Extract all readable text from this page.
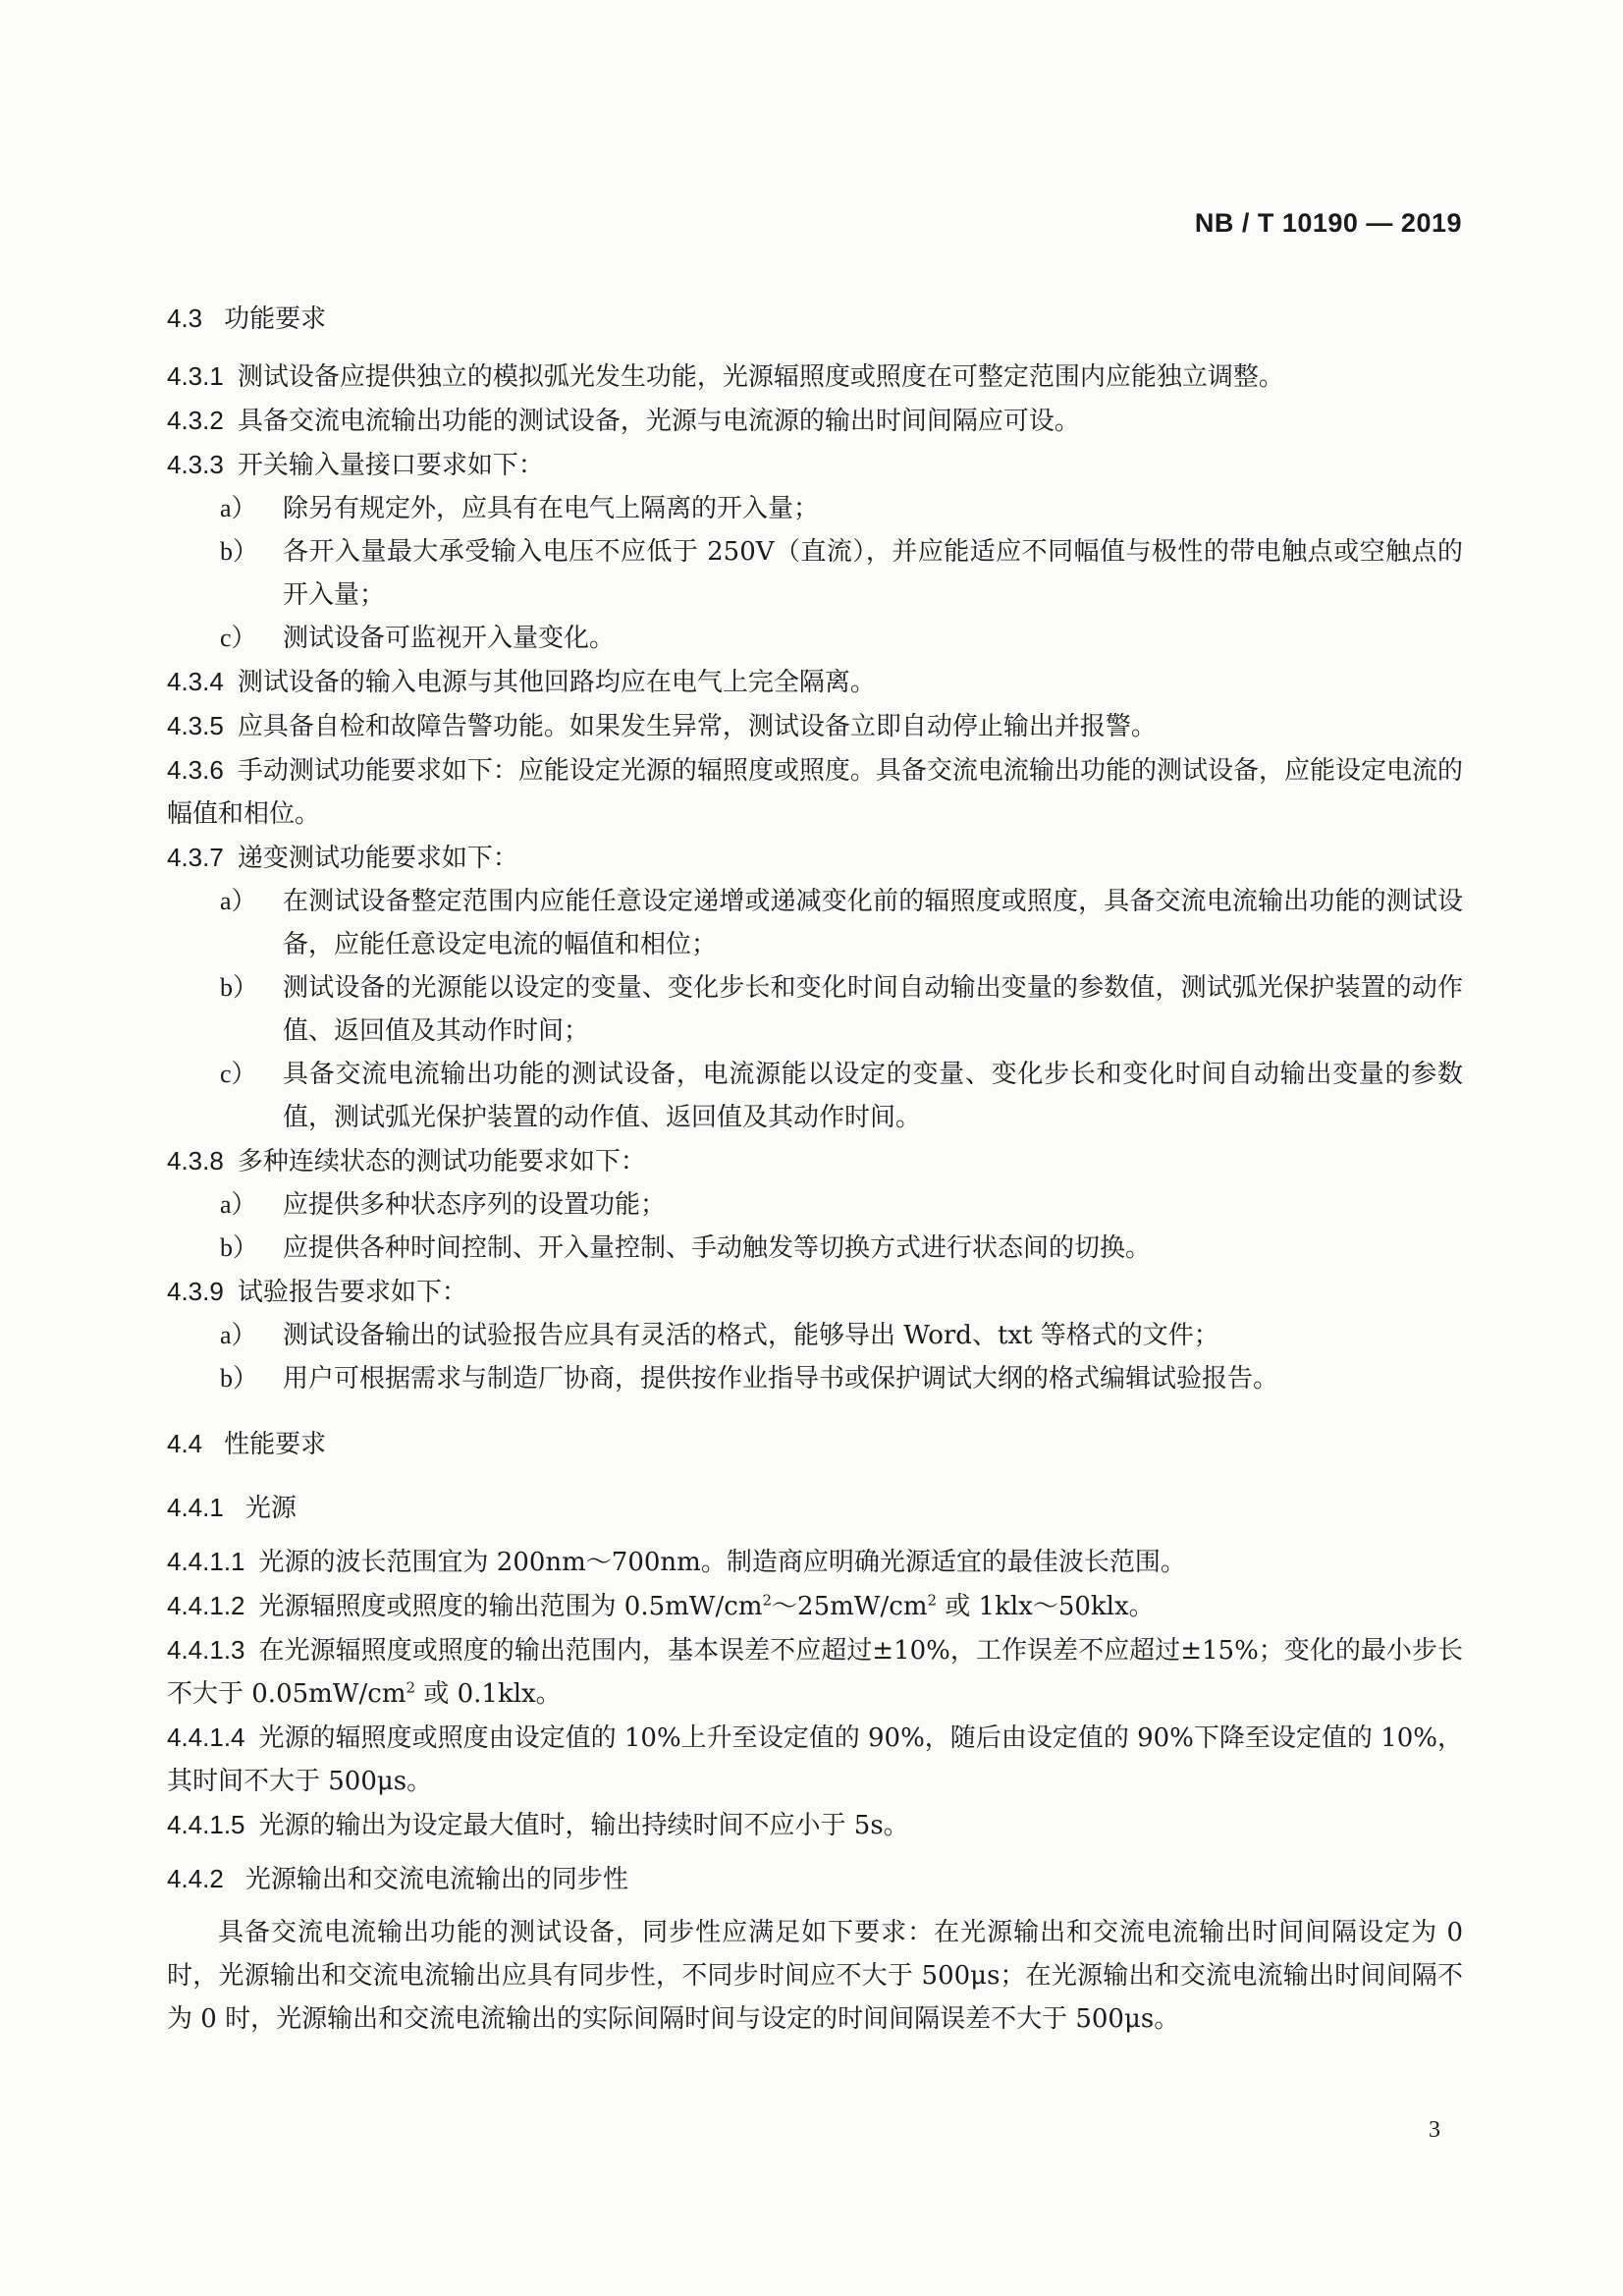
NB / T 10190 — 2019

4.3 功能要求

4.3.1 测试设备应提供独立的模拟弧光发生功能，光源辐照度或照度在可整定范围内应能独立调整。

4.3.2 具备交流电流输出功能的测试设备，光源与电流源的输出时间间隔应可设。

4.3.3 开关输入量接口要求如下：

a） 除另有规定外，应具有在电气上隔离的开入量；

b） 各开入量最大承受输入电压不应低于 250V（直流），并应能适应不同幅值与极性的带电触点或空触点的开入量；

c） 测试设备可监视开入量变化。

4.3.4 测试设备的输入电源与其他回路均应在电气上完全隔离。

4.3.5 应具备自检和故障告警功能。如果发生异常，测试设备立即自动停止输出并报警。

4.3.6 手动测试功能要求如下：应能设定光源的辐照度或照度。具备交流电流输出功能的测试设备，应能设定电流的幅值和相位。

4.3.7 递变测试功能要求如下：

a） 在测试设备整定范围内应能任意设定递增或递减变化前的辐照度或照度，具备交流电流输出功能的测试设备，应能任意设定电流的幅值和相位；

b） 测试设备的光源能以设定的变量、变化步长和变化时间自动输出变量的参数值，测试弧光保护装置的动作值、返回值及其动作时间；

c） 具备交流电流输出功能的测试设备，电流源能以设定的变量、变化步长和变化时间自动输出变量的参数值，测试弧光保护装置的动作值、返回值及其动作时间。

4.3.8 多种连续状态的测试功能要求如下：

a） 应提供多种状态序列的设置功能；

b） 应提供各种时间控制、开入量控制、手动触发等切换方式进行状态间的切换。

4.3.9 试验报告要求如下：

a） 测试设备输出的试验报告应具有灵活的格式，能够导出 Word、txt 等格式的文件；

b） 用户可根据需求与制造厂协商，提供按作业指导书或保护调试大纲的格式编辑试验报告。

4.4 性能要求

4.4.1 光源

4.4.1.1 光源的波长范围宜为 200nm～700nm。制造商应明确光源适宜的最佳波长范围。

4.4.1.2 光源辐照度或照度的输出范围为 $0.5mW/cm^2\sim 25mW/cm^2$ 或 1klx～50klx。

4.4.1.3 在光源辐照度或照度的输出范围内，基本误差不应超过±10%，工作误差不应超过±15%；变化的最小步长不大于 $0.05mW/cm^2$ 或 0.1klx。

4.4.1.4 光源的辐照度或照度由设定值的 10%上升至设定值的 90%，随后由设定值的 90%下降至设定值的 10%，其时间不大于 500μs。

4.4.1.5 光源的输出为设定最大值时，输出持续时间不应小于 5s。

4.4.2 光源输出和交流电流输出的同步性

具备交流电流输出功能的测试设备，同步性应满足如下要求：在光源输出和交流电流输出时间间隔设定为 0 时，光源输出和交流电流输出应具有同步性，不同步时间应不大于 500μs；在光源输出和交流电流输出时间间隔不为 0 时，光源输出和交流电流输出的实际间隔时间与设定的时间间隔误差不大于 500μs。

3
